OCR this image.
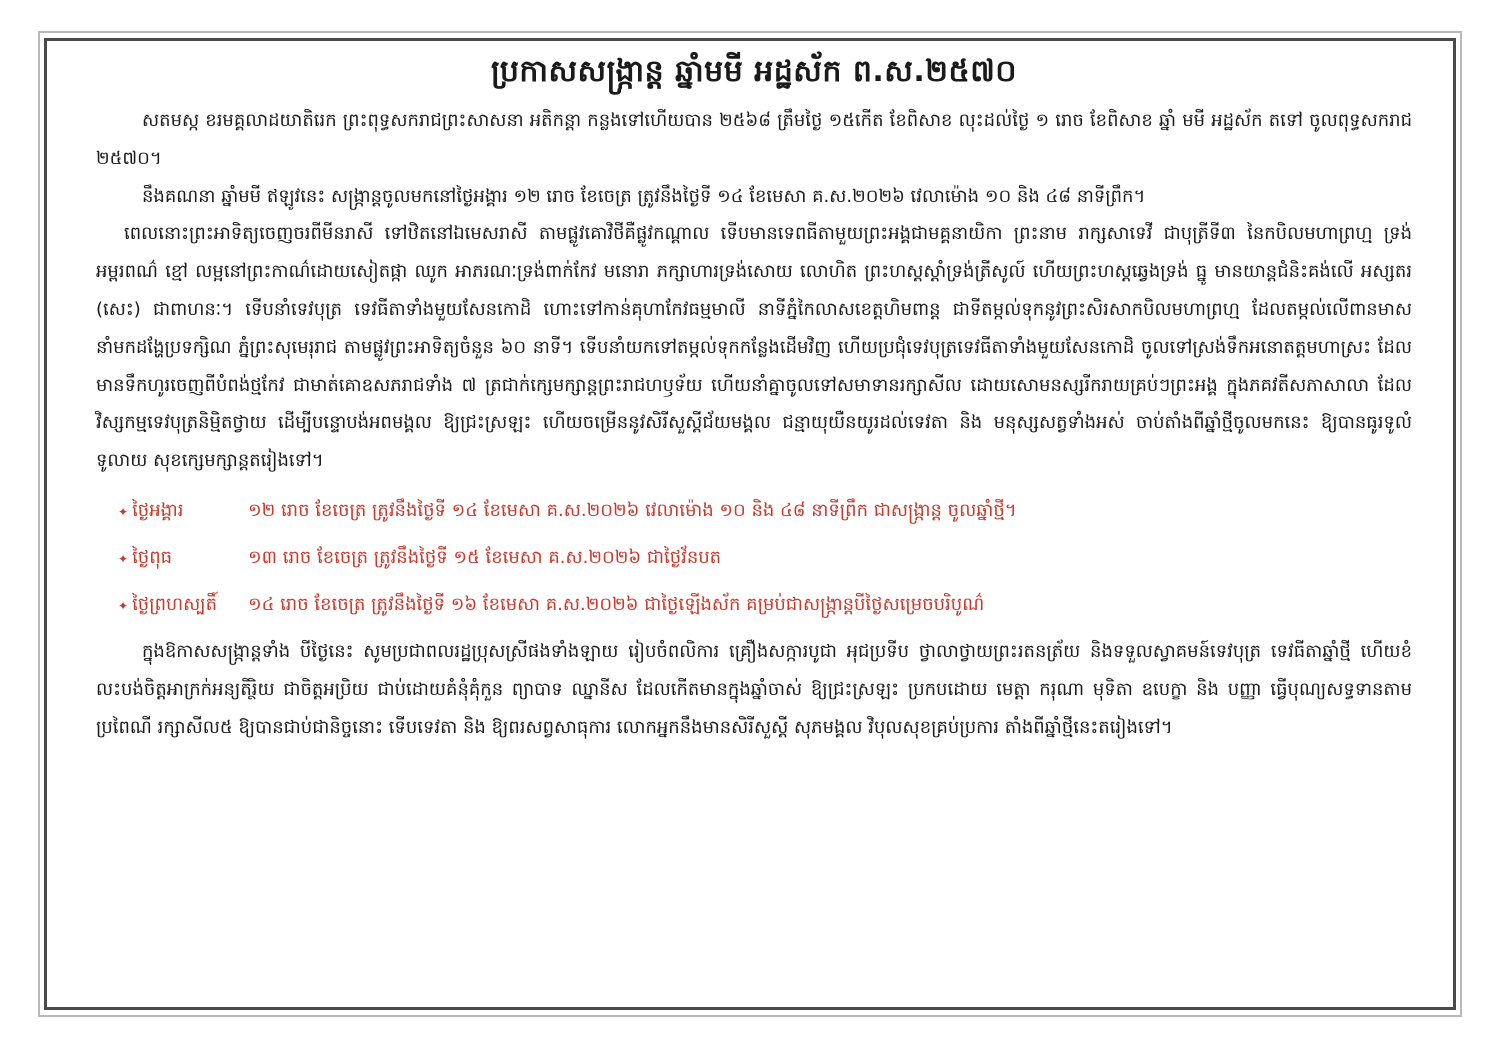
ប្រកាសសង្ក្រាន្ត ឆ្នាំមមី អដ្ឋស័ក ព.ស.២៥៧០

សតមស្ក ខរមគ្គលាដយាតិរេក ព្រះពុទ្ធសករាជព្រះសាសនា អតិកន្តា កន្លងទៅហើយបាន ២៥៦៨ ត្រឹមថ្ងៃ ១៥កើត ខែពិសាខ លុះដល់ថ្ងៃ ១ រោច ខែពិសាខ ឆ្នាំ មមី អដ្ឋស័ក តទៅ ចូលពុទ្ធសករាជ ២៥៧០។

នឹងគណនា ឆ្នាំមមី ឥឡូវនេះ សង្ក្រាន្តចូលមកនៅថ្ងៃអង្គារ ១២ រោច ខែចេត្រ ត្រូវនឹងថ្ងៃទី ១៤ ខែមេសា គ.ស.២០២៦ វេលាម៉ោង ១០ និង ៤៨ នាទីព្រឹក។

ពេលនោះព្រះអាទិត្យចេញចរពីមីនរាសី ទៅឋិតនៅឯមេសរាសី តាមផ្លូវគោវិថីគឺផ្លូវកណ្តាល ទើបមានទេពធីតាមួយព្រះអង្គជាមគ្គនាយិកា ព្រះនាម រាក្សសាទេវី ជាបុត្រីទី៣ នៃកបិលមហាព្រហ្ម ទ្រង់អម្ពរពណ៌ ខ្មៅ លម្អនៅព្រះកាណ៌ដោយសៀតផ្កា ឈូក អាភរណៈទ្រង់ពាក់កែវ មនោរា ភក្សាហារទ្រង់សោយ លោហិត ព្រះហស្តស្តាំទ្រង់ត្រីសូល៍ ហើយព្រះហស្តឆ្វេងទ្រង់ ធ្នូ មានយាន្តជំនិះគង់លើ អស្សតរ (សេះ) ជាពាហនៈ។ ទើបនាំទេវបុត្រ ទេវធីតាទាំងមួយសែនកោដិ ហោះទៅកាន់គុហាកែវធម្មមាលី នាទីភ្នំកៃលាសខេត្តហិមពាន្ត ជាទីតម្កល់ទុកនូវព្រះសិរសាកបិលមហាព្រហ្ម ដែលតម្កល់លើពានមាស នាំមកដង្ហែប្រទក្សិណ ភ្នំព្រះសុមេរុរាជ តាមផ្លូវព្រះអាទិត្យចំនួន ៦០ នាទី។ ទើបនាំយកទៅតម្កល់ទុកកន្លែងដើមវិញ ហើយប្រជុំទេវបុត្រទេវធីតាទាំងមួយសែនកោដិ ចូលទៅស្រង់ទឹកអនោតត្តមហាស្រះ ដែលមានទឹកហូរចេញពីបំពង់ថ្មកែវ ជាមាត់គោឧសភរាជទាំង ៧ ត្រជាក់ក្សេមក្សាន្តព្រះរាជហឫទ័យ ហើយនាំគ្នាចូលទៅសមាទានរក្សាសីល ដោយសោមនស្សរីករាយគ្រប់ៗព្រះអង្គ ក្នុងភគវតីសភាសាលា ដែលវិស្សកម្មទេវបុត្រនិម្មិតថ្វាយ ដើម្បីបន្ទោបង់អពមង្គល ឱ្យជ្រះស្រឡះ ហើយចម្រើននូវសិរីសួស្តីជ័យមង្គល ជន្មាយុយឺនយូរដល់ទេវតា និង មនុស្សសត្វទាំងអស់ ចាប់តាំងពីឆ្នាំថ្មីចូលមកនេះ ឱ្យបានធូរទូលំទូលាយ សុខក្សេមក្សាន្តតរៀងទៅ។

✦ ថ្ងៃអង្គារ	១២ រោច ខែចេត្រ ត្រូវនឹងថ្ងៃទី ១៤ ខែមេសា គ.ស.២០២៦ វេលាម៉ោង ១០ និង ៤៨ នាទីព្រឹក ជាសង្ក្រាន្ត ចូលឆ្នាំថ្មី។
✦ ថ្ងៃពុធ	១៣ រោច ខែចេត្រ ត្រូវនឹងថ្ងៃទី ១៥ ខែមេសា គ.ស.២០២៦ ជាថ្ងៃវ័នបត
✦ ថ្ងៃព្រហស្បតិ៍	១៤ រោច ខែចេត្រ ត្រូវនឹងថ្ងៃទី ១៦ ខែមេសា គ.ស.២០២៦ ជាថ្ងៃឡើងស័ក គម្រប់ជាសង្ក្រាន្តបីថ្ងៃសម្រេចបរិបូណ៌

ក្នុងឱកាសសង្ក្រាន្តទាំង បីថ្ងៃនេះ សូមប្រជាពលរដ្ឋប្រុសស្រីផងទាំងឡាយ រៀបចំពលិការ គ្រឿងសក្ការបូជា អុជប្រទីប ថ្វាលាថ្វាយព្រះរតនត្រ័យ និងទទួលស្វាគមន៍ទេវបុត្រ ទេវធីតាឆ្នាំថ្មី ហើយខំលះបង់ចិត្តអាក្រក់អន្យតិរ្ថិយ ជាចិត្តអប្រិយ ជាប់ដោយគំនុំគុំកួន ព្យាបាទ ឈ្នានីស ដែលកើតមានក្នុងឆ្នាំចាស់ ឱ្យជ្រះស្រឡះ ប្រកបដោយ មេត្តា ករុណា មុទិតា ឧបេក្ខា និង បញ្ញា ធ្វើបុណ្យសទ្ធទានតាមប្រពៃណី រក្សាសីល៥ ឱ្យបានជាប់ជានិច្ចនោះ ទើបទេវតា និង ឱ្យពរសព្វសាធុការ លោកអ្នកនឹងមានសិរីសួស្តី សុភមង្គល វិបុលសុខគ្រប់ប្រការ តាំងពីឆ្នាំថ្មីនេះតរៀងទៅ។
